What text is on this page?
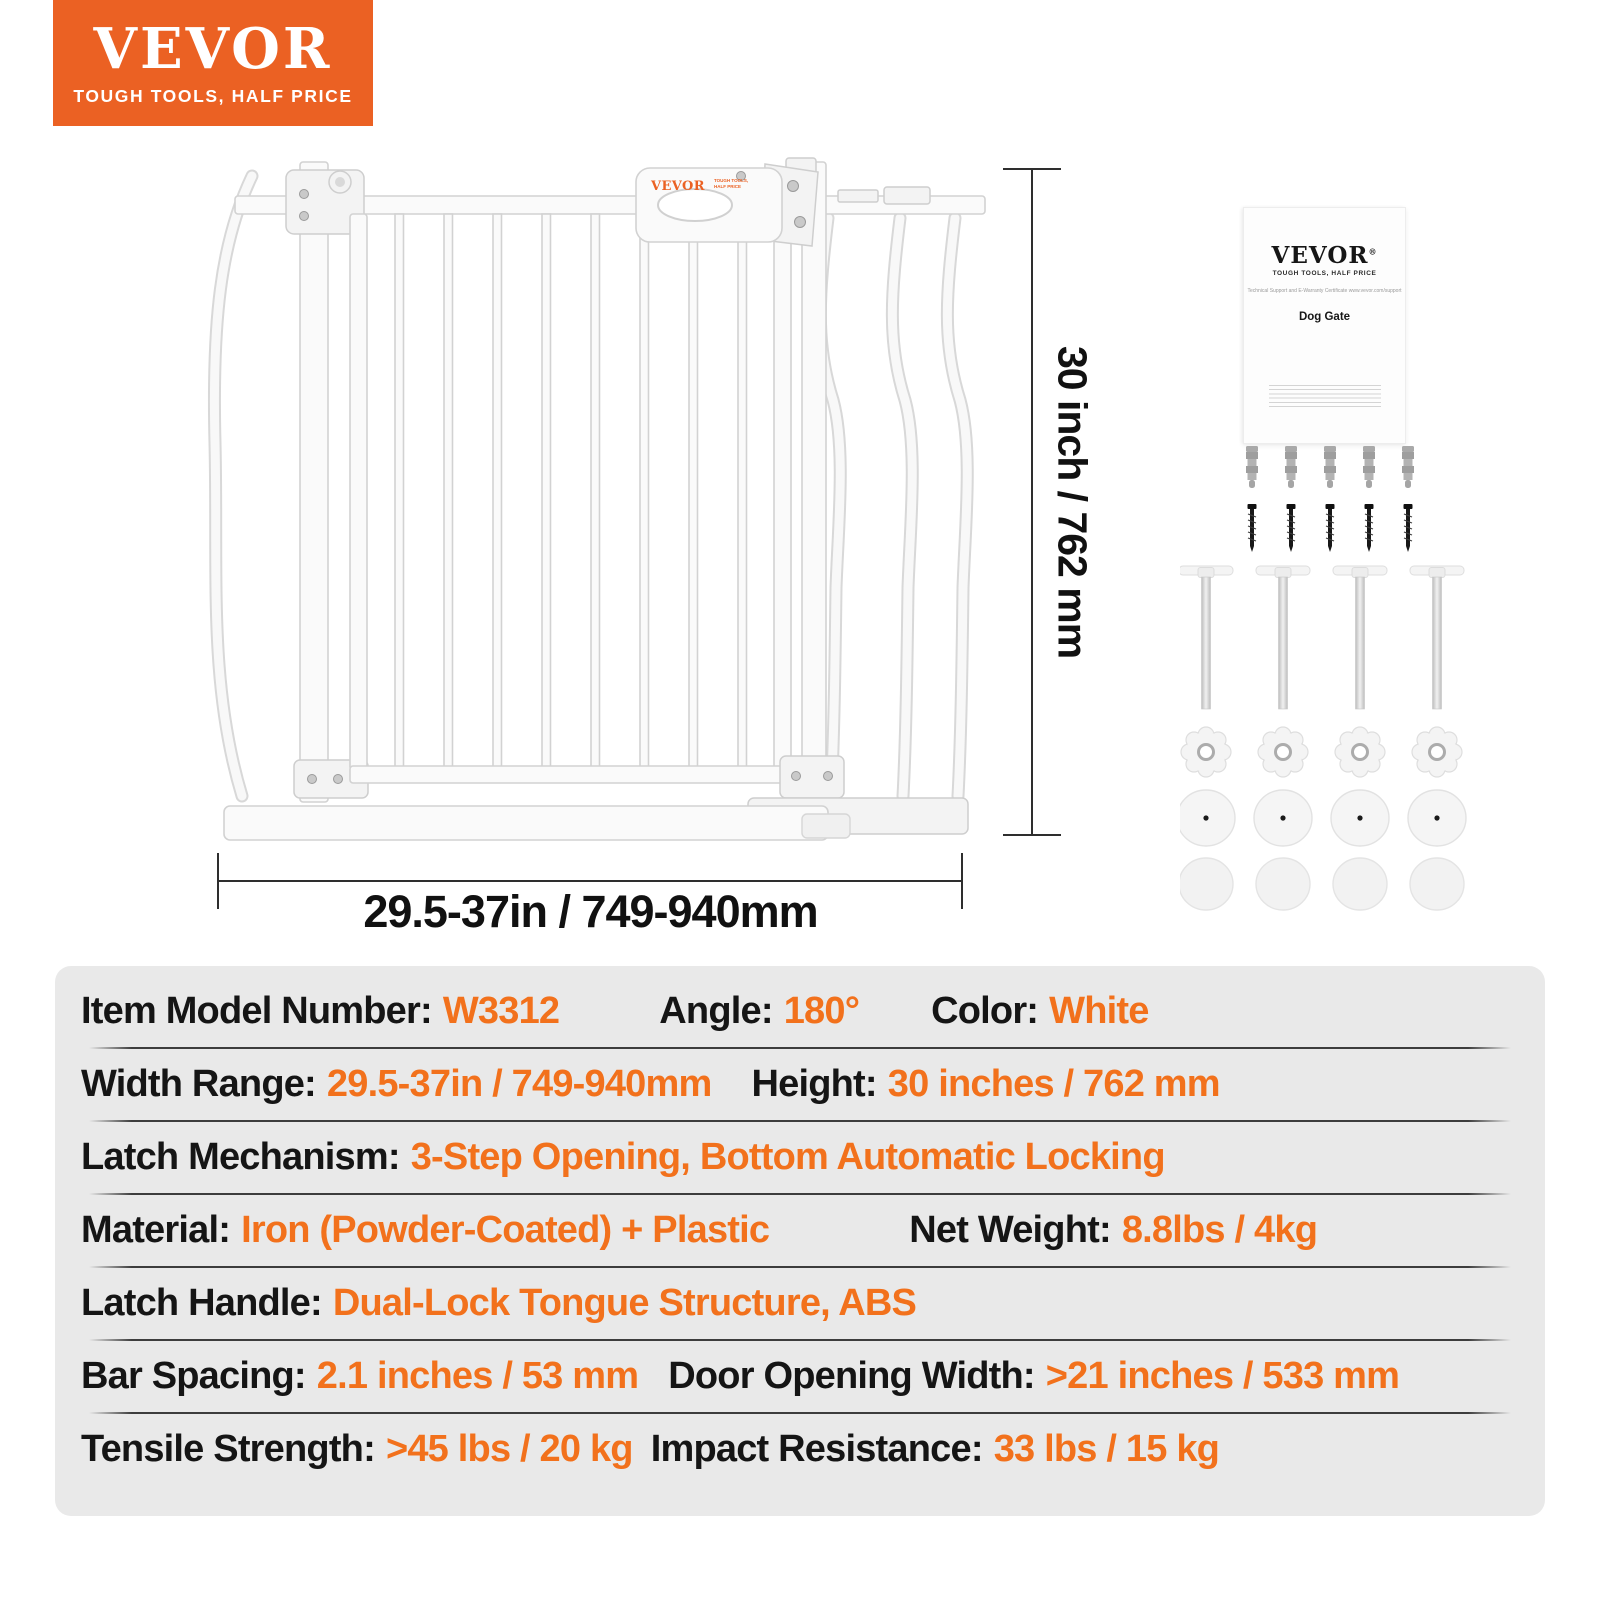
VEVOR
TOUGH TOOLS, HALF PRICE
VEVOR TOUGH TOOLS,
HALF PRICE
30 inch / 762 mm
29.5-37in / 749-940mm
VEVOR®
TOUGH TOOLS, HALF PRICE
Technical Support and E-Warranty Certificate www.vevor.com/support
Dog Gate
Item Model Number: W3312	Angle: 180° Color: White
Width Range: 29.5-37in / 749-940mm Height: 30 inches / 762 mm
Latch Mechanism: 3-Step Opening, Bottom Automatic Locking
Material: Iron (Powder-Coated) + Plastic	Net Weight: 8.8lbs / 4kg
Latch Handle: Dual-Lock Tongue Structure, ABS
Bar Spacing: 2.1 inches / 53 mm Door Opening Width: >21 inches / 533 mm
Tensile Strength: >45 lbs / 20 kg Impact Resistance: 33 lbs / 15 kg
